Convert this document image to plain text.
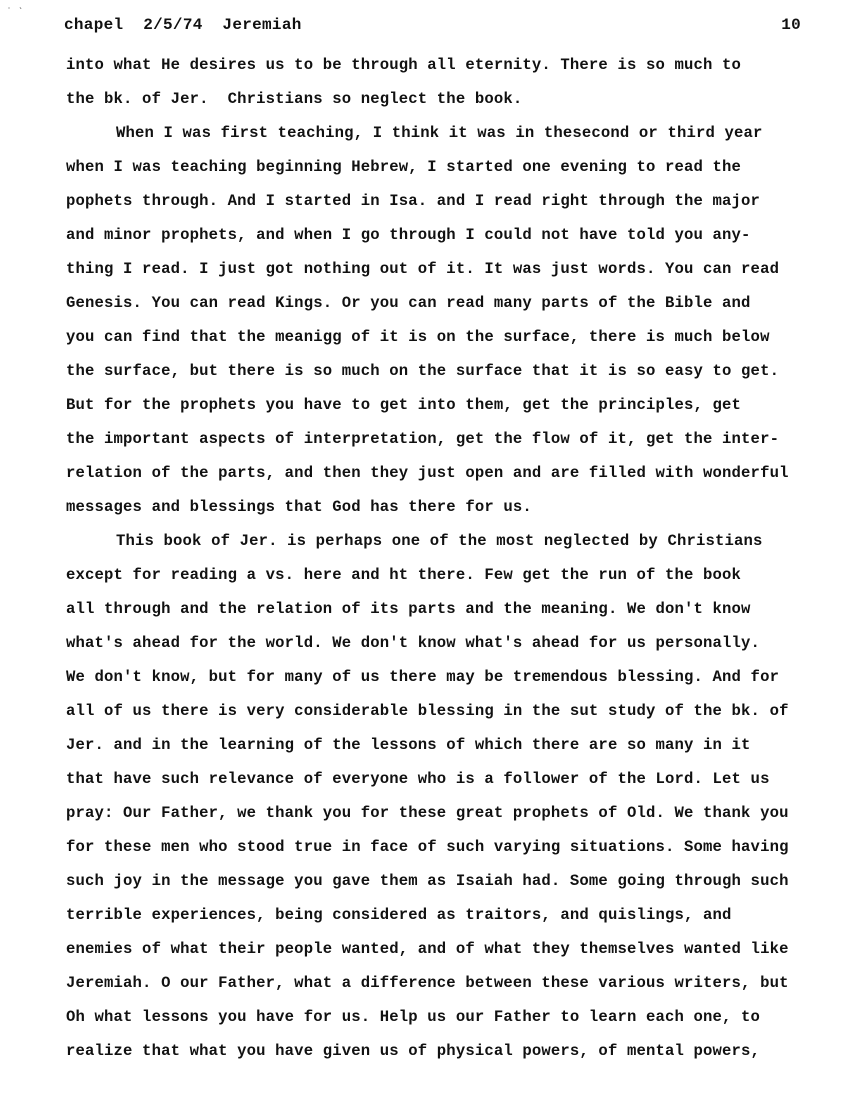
˙ ˋ
chapel  2/5/74  Jeremiah	10
into what He desires us to be through all eternity. There is so much to
the bk. of Jer.  Christians so neglect the book.
When I was first teaching, I think it was in thesecond or third year
when I was teaching beginning Hebrew, I started one evening to read the
pophets through. And I started in Isa. and I read right through the major
and minor prophets, and when I go through I could not have told you any-
thing I read. I just got nothing out of it. It was just words. You can read
Genesis. You can read Kings. Or you can read many parts of the Bible and
you can find that the meanigg of it is on the surface, there is much below
the surface, but there is so much on the surface that it is so easy to get.
But for the prophets you have to get into them, get the principles, get
the important aspects of interpretation, get the flow of it, get the inter-
relation of the parts, and then they just open and are filled with wonderful
messages and blessings that God has there for us.
This book of Jer. is perhaps one of the most neglected by Christians
except for reading a vs. here and ht there. Few get the run of the book
all through and the relation of its parts and the meaning. We don't know
what's ahead for the world. We don't know what's ahead for us personally.
We don't know, but for many of us there may be tremendous blessing. And for
all of us there is very considerable blessing in the sut study of the bk. of
Jer. and in the learning of the lessons of which there are so many in it
that have such relevance of everyone who is a follower of the Lord. Let us
pray: Our Father, we thank you for these great prophets of Old. We thank you
for these men who stood true in face of such varying situations. Some having
such joy in the message you gave them as Isaiah had. Some going through such
terrible experiences, being considered as traitors, and quislings, and
enemies of what their people wanted, and of what they themselves wanted like
Jeremiah. O our Father, what a difference between these various writers, but
Oh what lessons you have for us. Help us our Father to learn each one, to
realize that what you have given us of physical powers, of mental powers,
